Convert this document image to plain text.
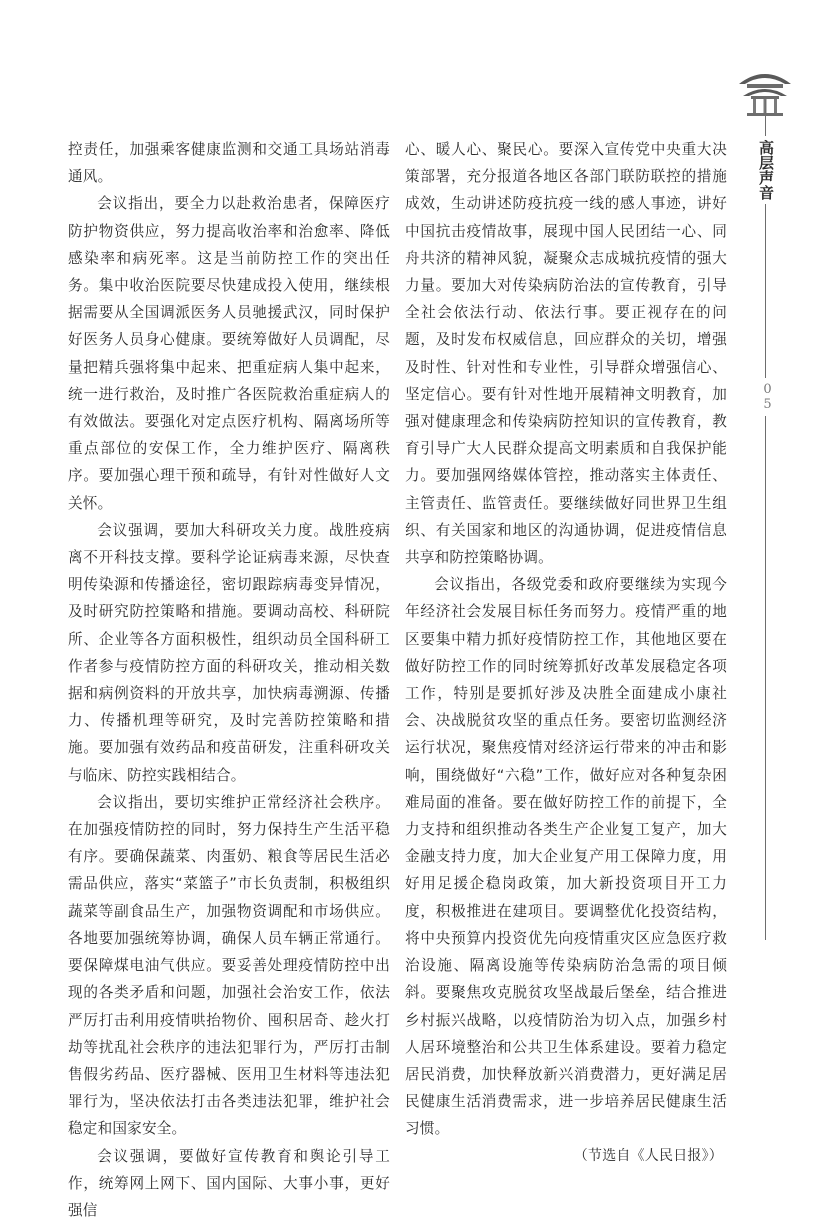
控责任，加强乘客健康监测和交通工具场站消毒通风。

会议指出，要全力以赴救治患者，保障医疗防护物资供应，努力提高收治率和治愈率、降低感染率和病死率。这是当前防控工作的突出任务。集中收治医院要尽快建成投入使用，继续根据需要从全国调派医务人员驰援武汉，同时保护好医务人员身心健康。要统筹做好人员调配，尽量把精兵强将集中起来、把重症病人集中起来，统一进行救治，及时推广各医院救治重症病人的有效做法。要强化对定点医疗机构、隔离场所等重点部位的安保工作，全力维护医疗、隔离秩序。要加强心理干预和疏导，有针对性做好人文关怀。

会议强调，要加大科研攻关力度。战胜疫病离不开科技支撑。要科学论证病毒来源，尽快查明传染源和传播途径，密切跟踪病毒变异情况，及时研究防控策略和措施。要调动高校、科研院所、企业等各方面积极性，组织动员全国科研工作者参与疫情防控方面的科研攻关，推动相关数据和病例资料的开放共享，加快病毒溯源、传播力、传播机理等研究，及时完善防控策略和措施。要加强有效药品和疫苗研发，注重科研攻关与临床、防控实践相结合。

会议指出，要切实维护正常经济社会秩序。在加强疫情防控的同时，努力保持生产生活平稳有序。要确保蔬菜、肉蛋奶、粮食等居民生活必需品供应，落实“菜篮子”市长负责制，积极组织蔬菜等副食品生产，加强物资调配和市场供应。各地要加强统筹协调，确保人员车辆正常通行。要保障煤电油气供应。要妥善处理疫情防控中出现的各类矛盾和问题，加强社会治安工作，依法严厉打击利用疫情哄抬物价、囤积居奇、趁火打劫等扰乱社会秩序的违法犯罪行为，严厉打击制售假劣药品、医疗器械、医用卫生材料等违法犯罪行为，坚决依法打击各类违法犯罪，维护社会稳定和国家安全。

会议强调，要做好宣传教育和舆论引导工作，统筹网上网下、国内国际、大事小事，更好强信

心、暖人心、聚民心。要深入宣传党中央重大决策部署，充分报道各地区各部门联防联控的措施成效，生动讲述防疫抗疫一线的感人事迹，讲好中国抗击疫情故事，展现中国人民团结一心、同舟共济的精神风貌，凝聚众志成城抗疫情的强大力量。要加大对传染病防治法的宣传教育，引导全社会依法行动、依法行事。要正视存在的问题，及时发布权威信息，回应群众的关切，增强及时性、针对性和专业性，引导群众增强信心、坚定信心。要有针对性地开展精神文明教育，加强对健康理念和传染病防控知识的宣传教育，教育引导广大人民群众提高文明素质和自我保护能力。要加强网络媒体管控，推动落实主体责任、主管责任、监管责任。要继续做好同世界卫生组织、有关国家和地区的沟通协调，促进疫情信息共享和防控策略协调。

会议指出，各级党委和政府要继续为实现今年经济社会发展目标任务而努力。疫情严重的地区要集中精力抓好疫情防控工作，其他地区要在做好防控工作的同时统筹抓好改革发展稳定各项工作，特别是要抓好涉及决胜全面建成小康社会、决战脱贫攻坚的重点任务。要密切监测经济运行状况，聚焦疫情对经济运行带来的冲击和影响，围绕做好“六稳”工作，做好应对各种复杂困难局面的准备。要在做好防控工作的前提下，全力支持和组织推动各类生产企业复工复产，加大金融支持力度，加大企业复产用工保障力度，用好用足援企稳岗政策，加大新投资项目开工力度，积极推进在建项目。要调整优化投资结构，将中央预算内投资优先向疫情重灾区应急医疗救治设施、隔离设施等传染病防治急需的项目倾斜。要聚焦攻克脱贫攻坚战最后堡垒，结合推进乡村振兴战略，以疫情防治为切入点，加强乡村人居环境整治和公共卫生体系建设。要着力稳定居民消费，加快释放新兴消费潜力，更好满足居民健康生活消费需求，进一步培养居民健康生活习惯。

（节选自《人民日报》）

高层声音
05
